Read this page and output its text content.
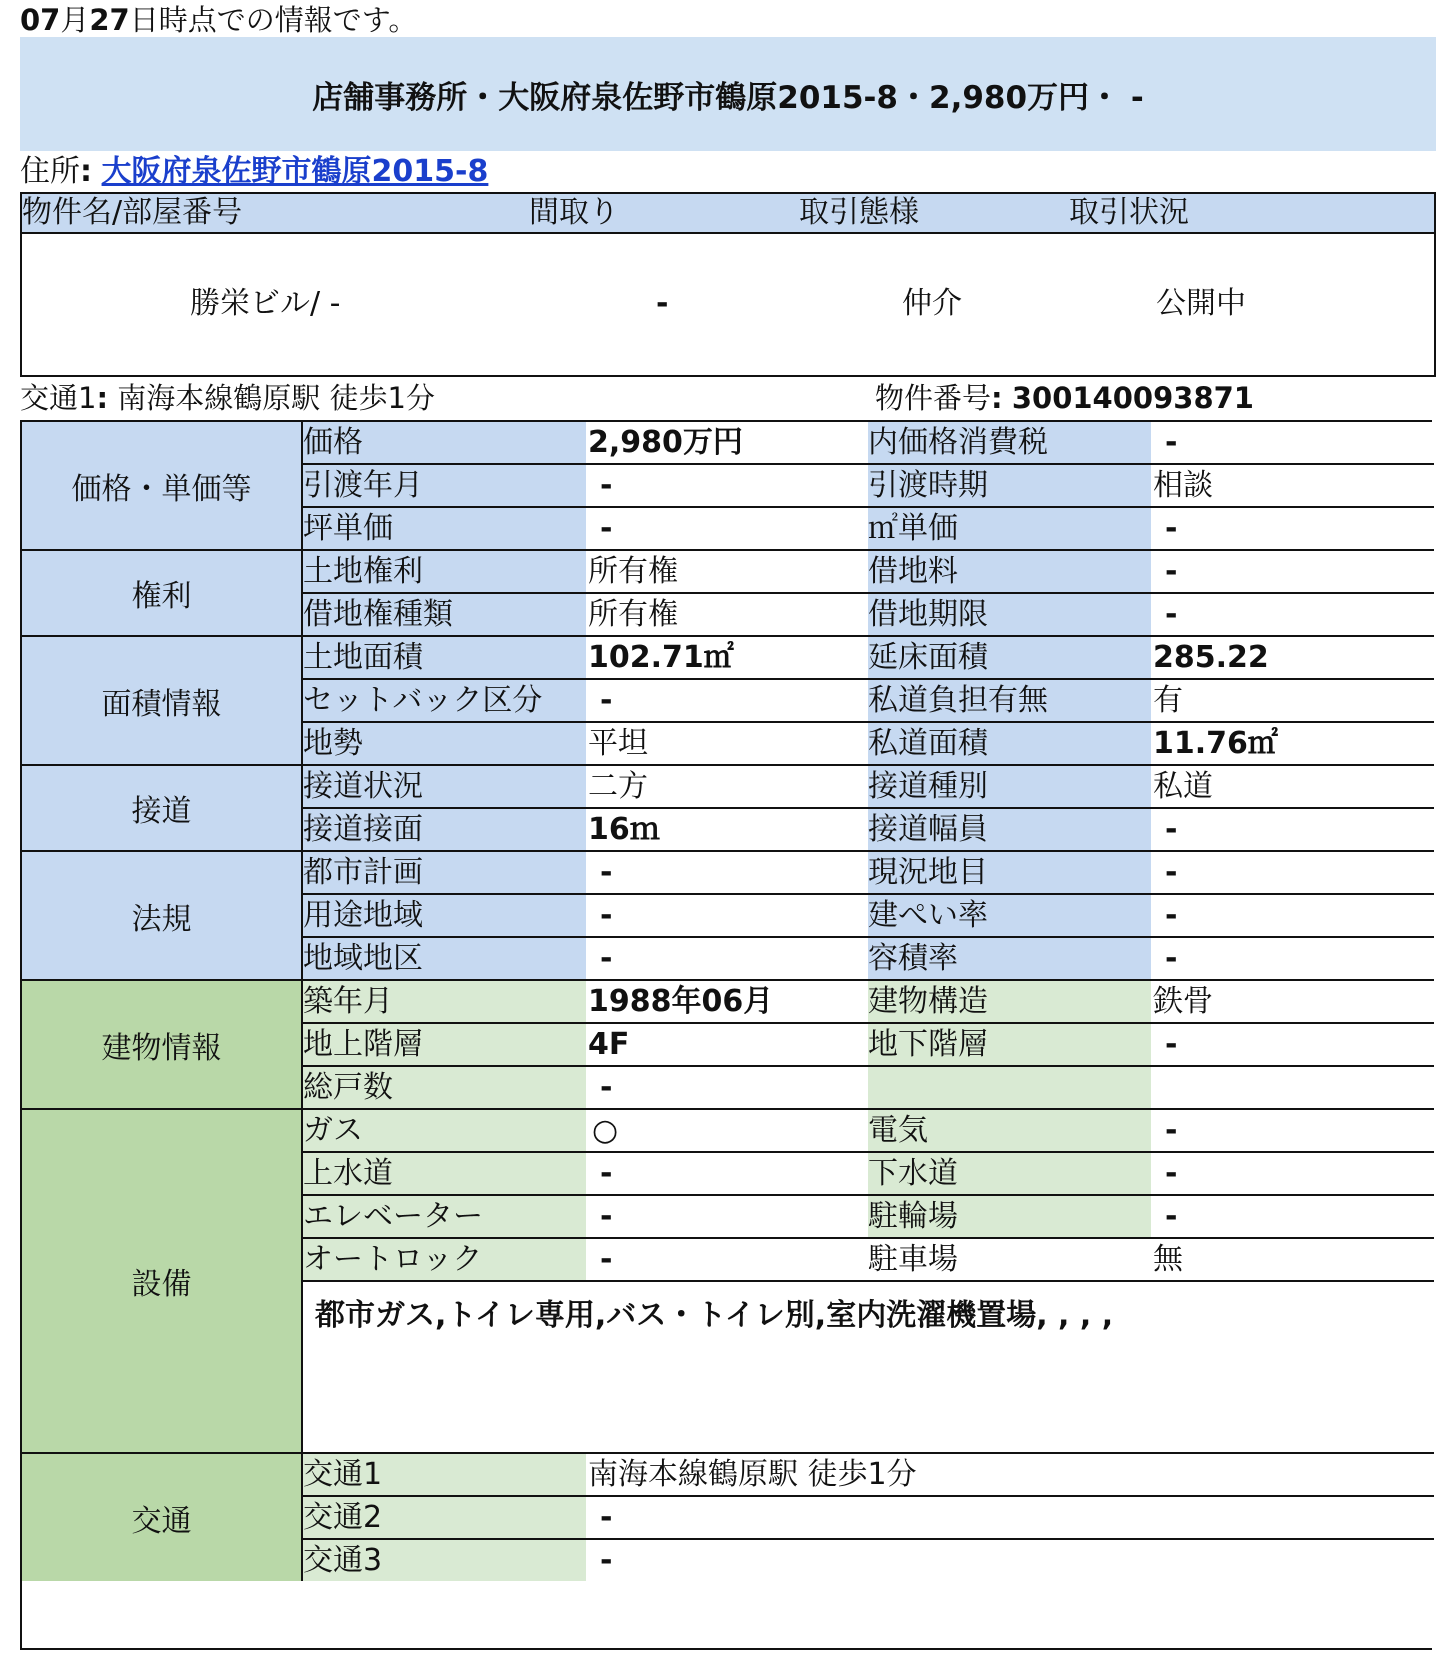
07月27日時点での情報です。
店舗事務所・大阪府泉佐野市鶴原2015-8・2,980万円・ -
住所: 大阪府泉佐野市鶴原2015-8
物件名/部屋番号	間取り	取引態様	取引状況
勝栄ビル/ -	-	仲介	公開中
交通1: 南海本線鶴原駅 徒歩1分	物件番号: 300140093871
価格・単価等
価格	2,980万円	内価格消費税	-
引渡年月	-	引渡時期	相談
坪単価	-	㎡単価	-
権利
土地権利	所有権	借地料	-
借地権種類	所有権	借地期限	-
面積情報
土地面積	102.71㎡	延床面積	285.22
セットバック区分	-	私道負担有無	有
地勢	平坦	私道面積	11.76㎡
接道
接道状況	二方	接道種別	私道
接道接面	16ｍ	接道幅員	-
法規
都市計画	-	現況地目	-
用途地域	-	建ぺい率	-
地域地区	-	容積率	-
建物情報
築年月	1988年06月	建物構造	鉄骨
地上階層	4F	地下階層	-
総戸数	-
設備
ガス	○	電気	-
上水道	-	下水道	-
エレベーター	-	駐輪場	-
オートロック	-	駐車場	無
都市ガス,トイレ専用,バス・トイレ別,室内洗濯機置場, , , ,
交通
交通1	南海本線鶴原駅 徒歩1分
交通2	-
交通3	-
